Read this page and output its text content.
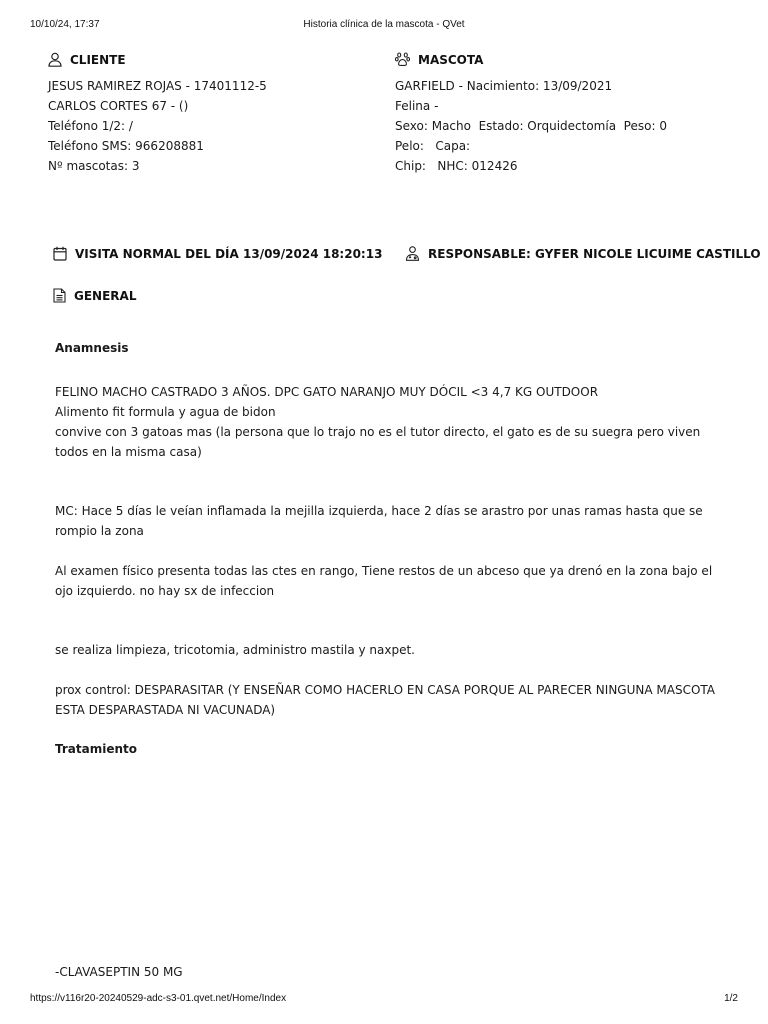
10/10/24, 17:37	Historia clínica de la mascota - QVet
CLIENTE
JESUS RAMIREZ ROJAS - 17401112-5
CARLOS CORTES 67 - ()
Teléfono 1/2: /
Teléfono SMS: 966208881
Nº mascotas: 3
MASCOTA
GARFIELD - Nacimiento: 13/09/2021
Felina -
Sexo: Macho  Estado: Orquidectomía  Peso: 0
Pelo:   Capa:
Chip:   NHC: 012426
VISITA NORMAL DEL DÍA 13/09/2024 18:20:13	RESPONSABLE: GYFER NICOLE LICUIME CASTILLO
GENERAL
Anamnesis
FELINO MACHO CASTRADO 3 AÑOS. DPC GATO NARANJO MUY DÓCIL <3 4,7 KG OUTDOOR
Alimento fit formula y agua de bidon
convive con 3 gatoas mas (la persona que lo trajo no es el tutor directo, el gato es de su suegra pero viven todos en la misma casa)
MC: Hace 5 días le veían inflamada la mejilla izquierda, hace 2 días se arastro por unas ramas hasta que se rompio la zona
Al examen físico presenta todas las ctes en rango, Tiene restos de un abceso que ya drenó en la zona bajo el ojo izquierdo. no hay sx de infeccion
se realiza limpieza, tricotomia, administro mastila y naxpet.
prox control: DESPARASITAR (Y ENSEÑAR COMO HACERLO EN CASA PORQUE AL PARECER NINGUNA MASCOTA ESTA DESPARASTADA NI VACUNADA)
Tratamiento
-CLAVASEPTIN 50 MG
https://v116r20-20240529-adc-s3-01.qvet.net/Home/Index	1/2
